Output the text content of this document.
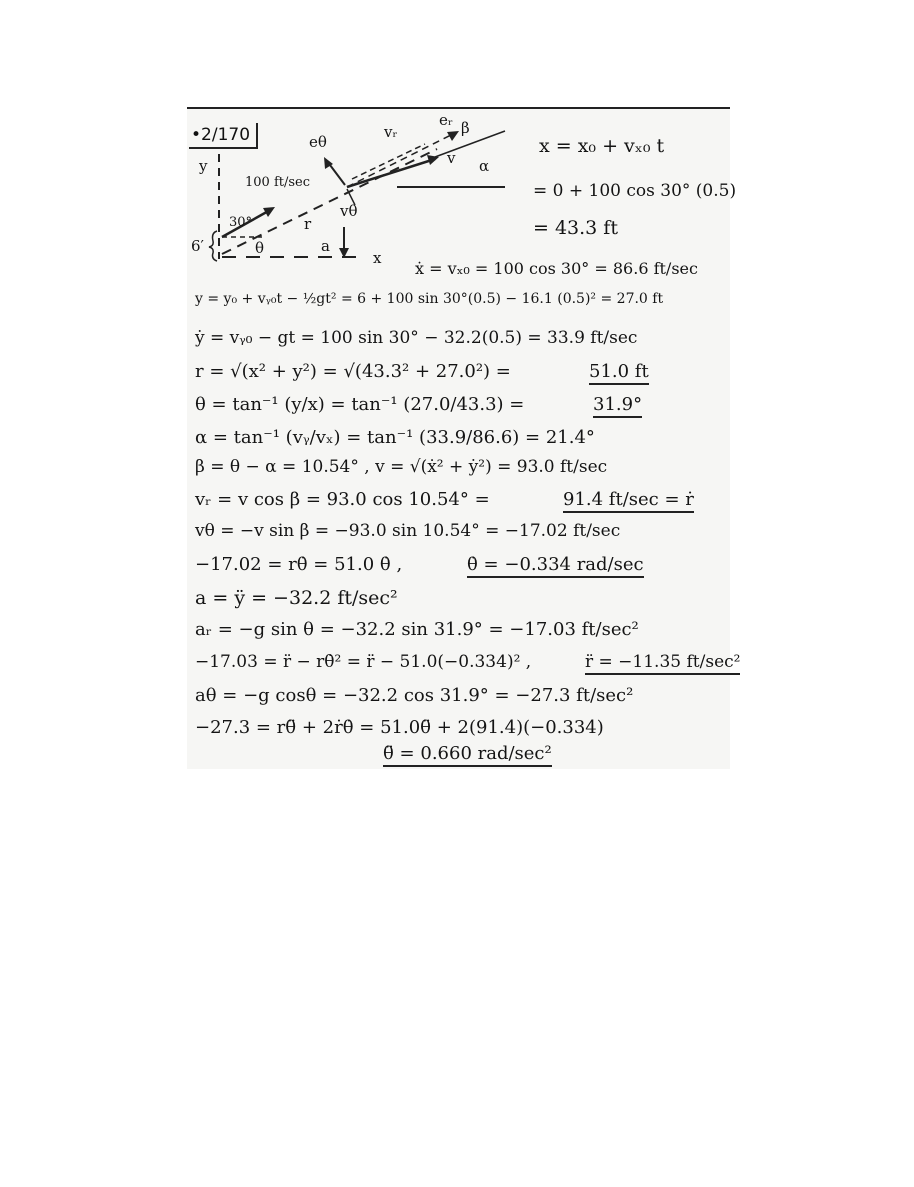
•2/170
y
x
eθ
eᵣ
vᵣ
v
β
α
100 ft/sec
30°	r
vθ
θ	a
6′
x = x₀ + vₓ₀ t
= 0 + 100 cos 30° (0.5)
= 43.3 ft
ẋ = vₓ₀ = 100 cos 30° = 86.6 ft/sec
y = y₀ + vᵧ₀t − ½gt² = 6 + 100 sin 30°(0.5) − 16.1 (0.5)² = 27.0 ft
ẏ = vᵧ₀ − gt = 100 sin 30° − 32.2(0.5) = 33.9 ft/sec
r = √(x² + y²) = √(43.3² + 27.0²) =	51.0 ft
θ = tan⁻¹ (y/x) = tan⁻¹ (27.0/43.3) =	31.9°
α = tan⁻¹ (vᵧ/vₓ) = tan⁻¹ (33.9/86.6) = 21.4°
β = θ − α = 10.54° , v = √(ẋ² + ẏ²) = 93.0 ft/sec
vᵣ = v cos β = 93.0 cos 10.54° =	91.4 ft/sec = ṙ
vθ = −v sin β = −93.0 sin 10.54° = −17.02 ft/sec
−17.02 = rθ̇ = 51.0 θ̇ ,	θ̇ = −0.334 rad/sec
a = ÿ = −32.2 ft/sec²
aᵣ = −g sin θ = −32.2 sin 31.9° = −17.03 ft/sec²
−17.03 = r̈ − rθ̇² = r̈ − 51.0(−0.334)² ,	r̈ = −11.35 ft/sec²
aθ = −g cosθ = −32.2 cos 31.9° = −27.3 ft/sec²
−27.3 = rθ̈ + 2ṙθ̇ = 51.0θ̈ + 2(91.4)(−0.334)
θ̈ = 0.660 rad/sec²
